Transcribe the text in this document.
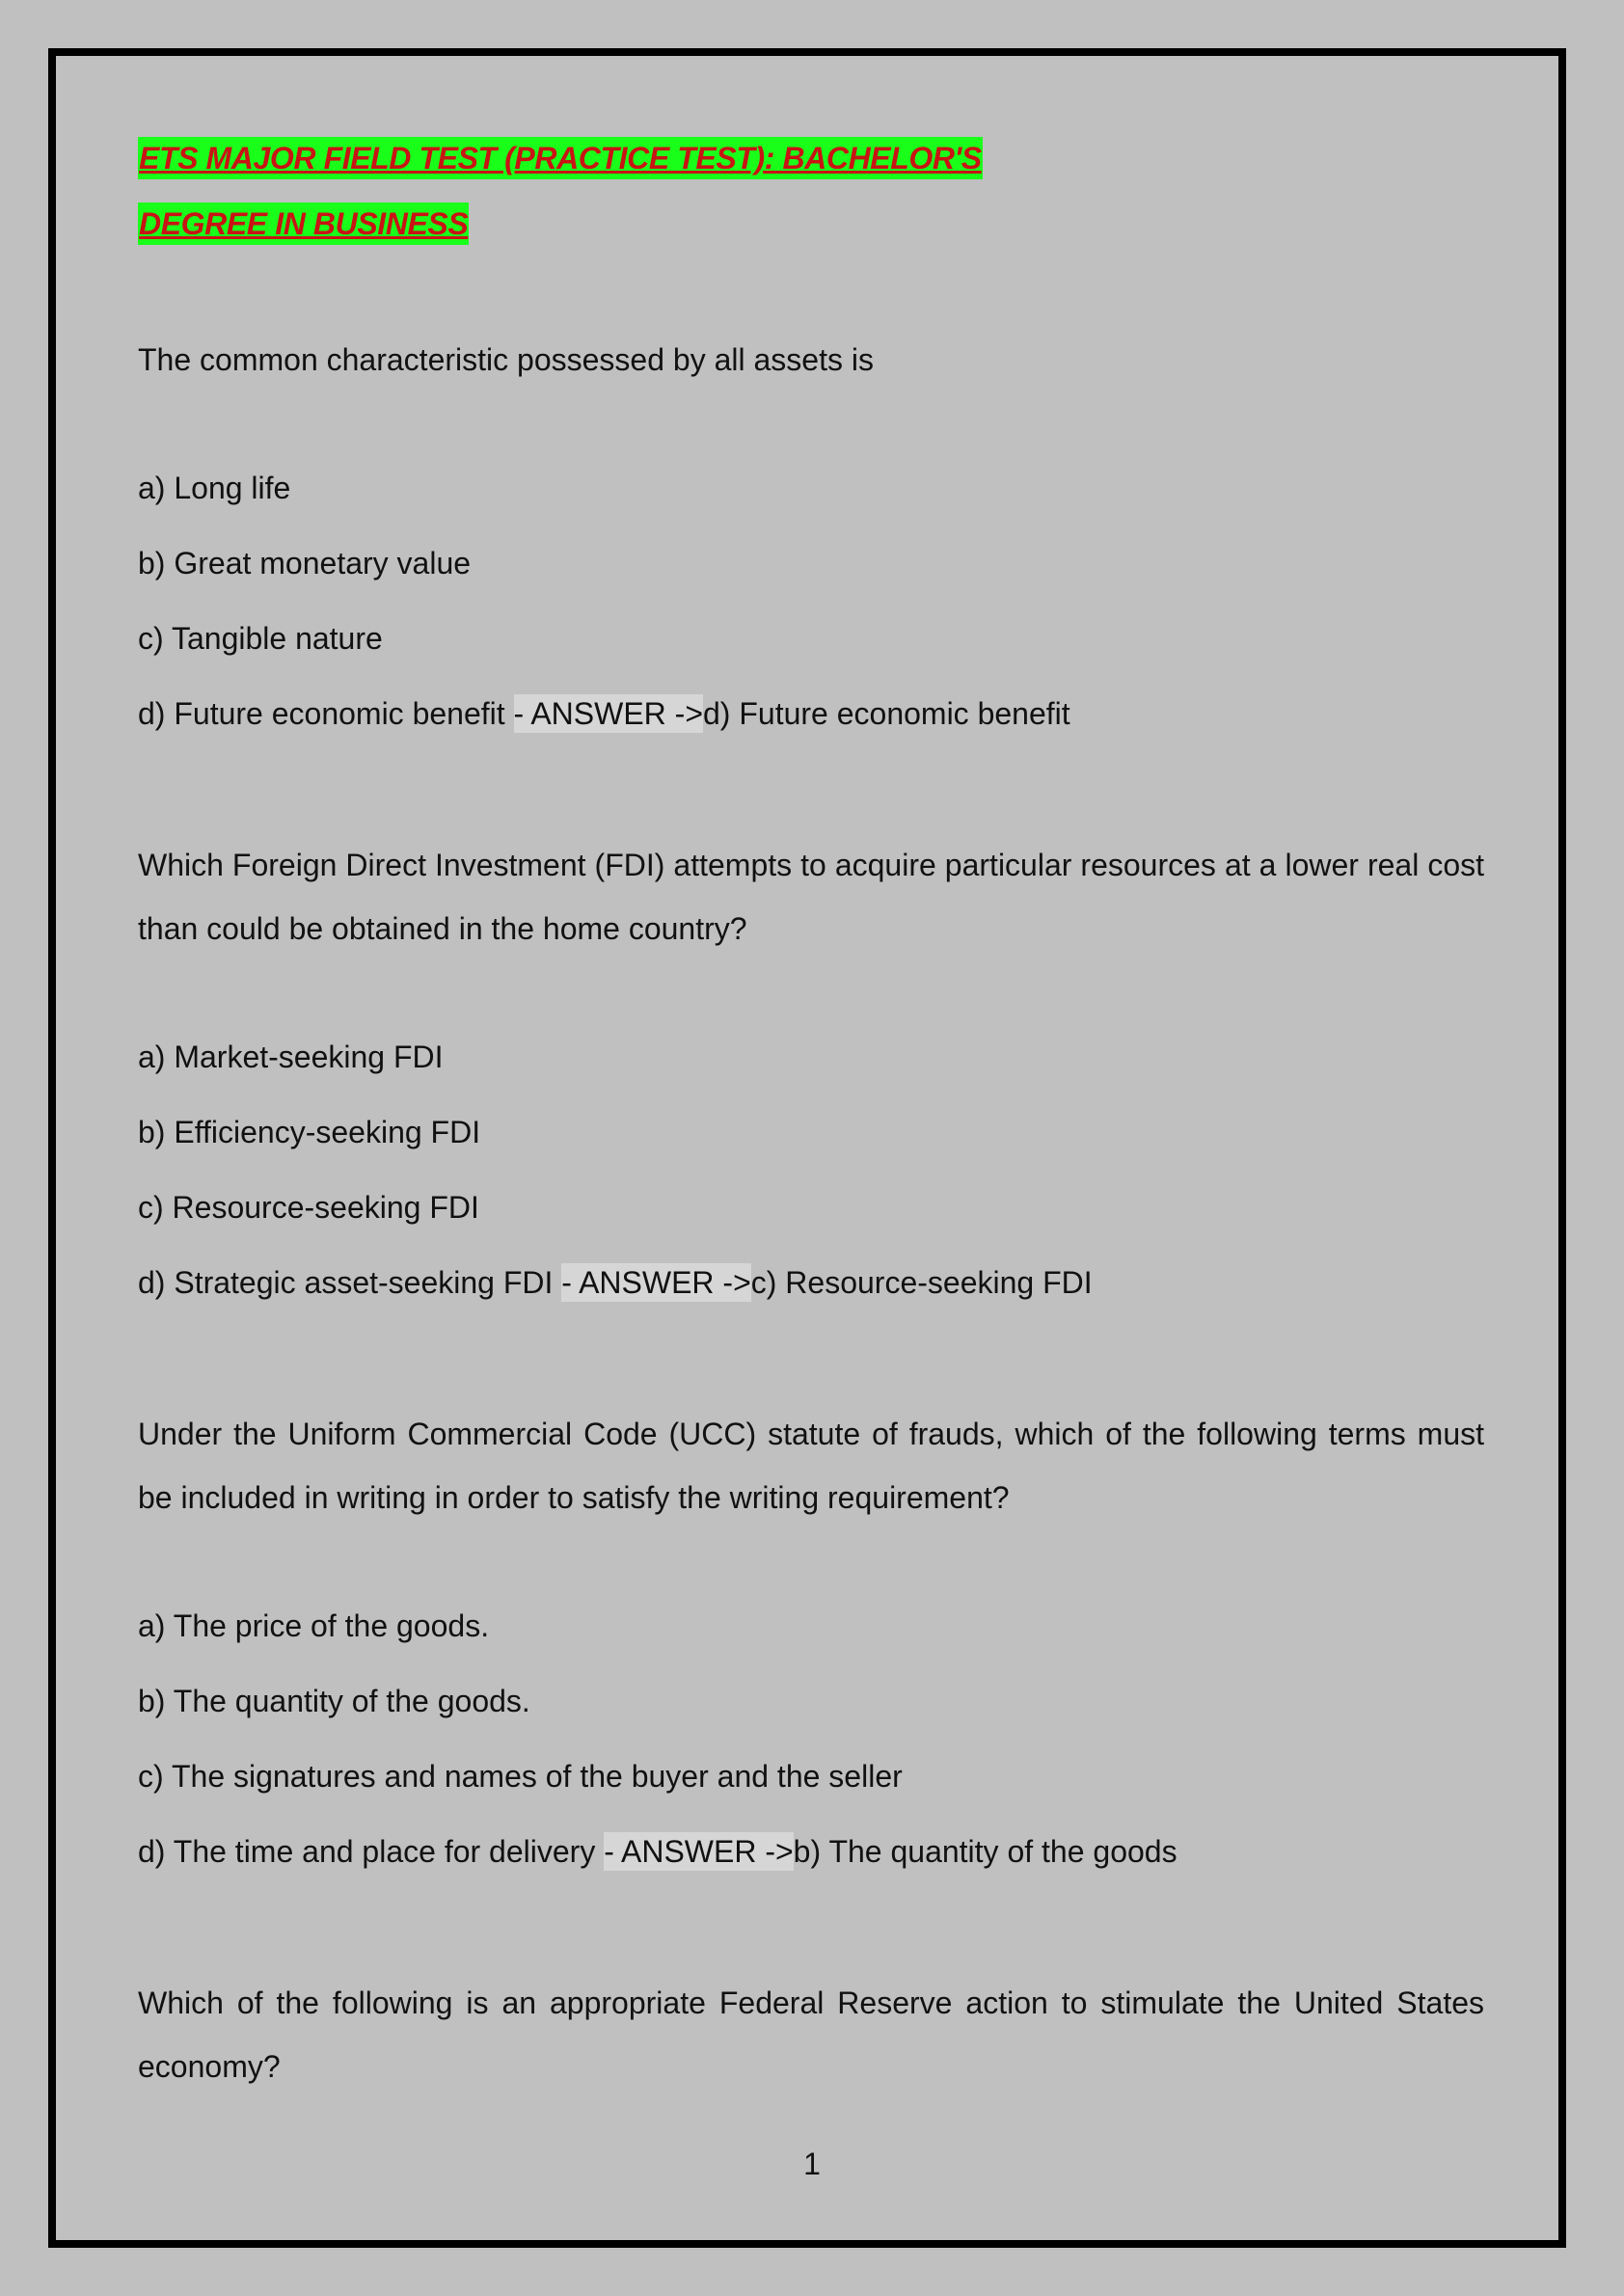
ETS MAJOR FIELD TEST (PRACTICE TEST): BACHELOR'S
DEGREE IN BUSINESS

The common characteristic possessed by all assets is

a) Long life

b) Great monetary value

c) Tangible nature

d) Future economic benefit - ANSWER ->d) Future economic benefit

Which Foreign Direct Investment (FDI) attempts to acquire particular resources at a lower real cost than could be obtained in the home country?

a) Market-seeking FDI

b) Efficiency-seeking FDI

c) Resource-seeking FDI

d) Strategic asset-seeking FDI - ANSWER ->c) Resource-seeking FDI

Under the Uniform Commercial Code (UCC) statute of frauds, which of the following terms must be included in writing in order to satisfy the writing requirement?

a) The price of the goods.

b) The quantity of the goods.

c) The signatures and names of the buyer and the seller

d) The time and place for delivery - ANSWER ->b) The quantity of the goods

Which of the following is an appropriate Federal Reserve action to stimulate the United States economy?

1
